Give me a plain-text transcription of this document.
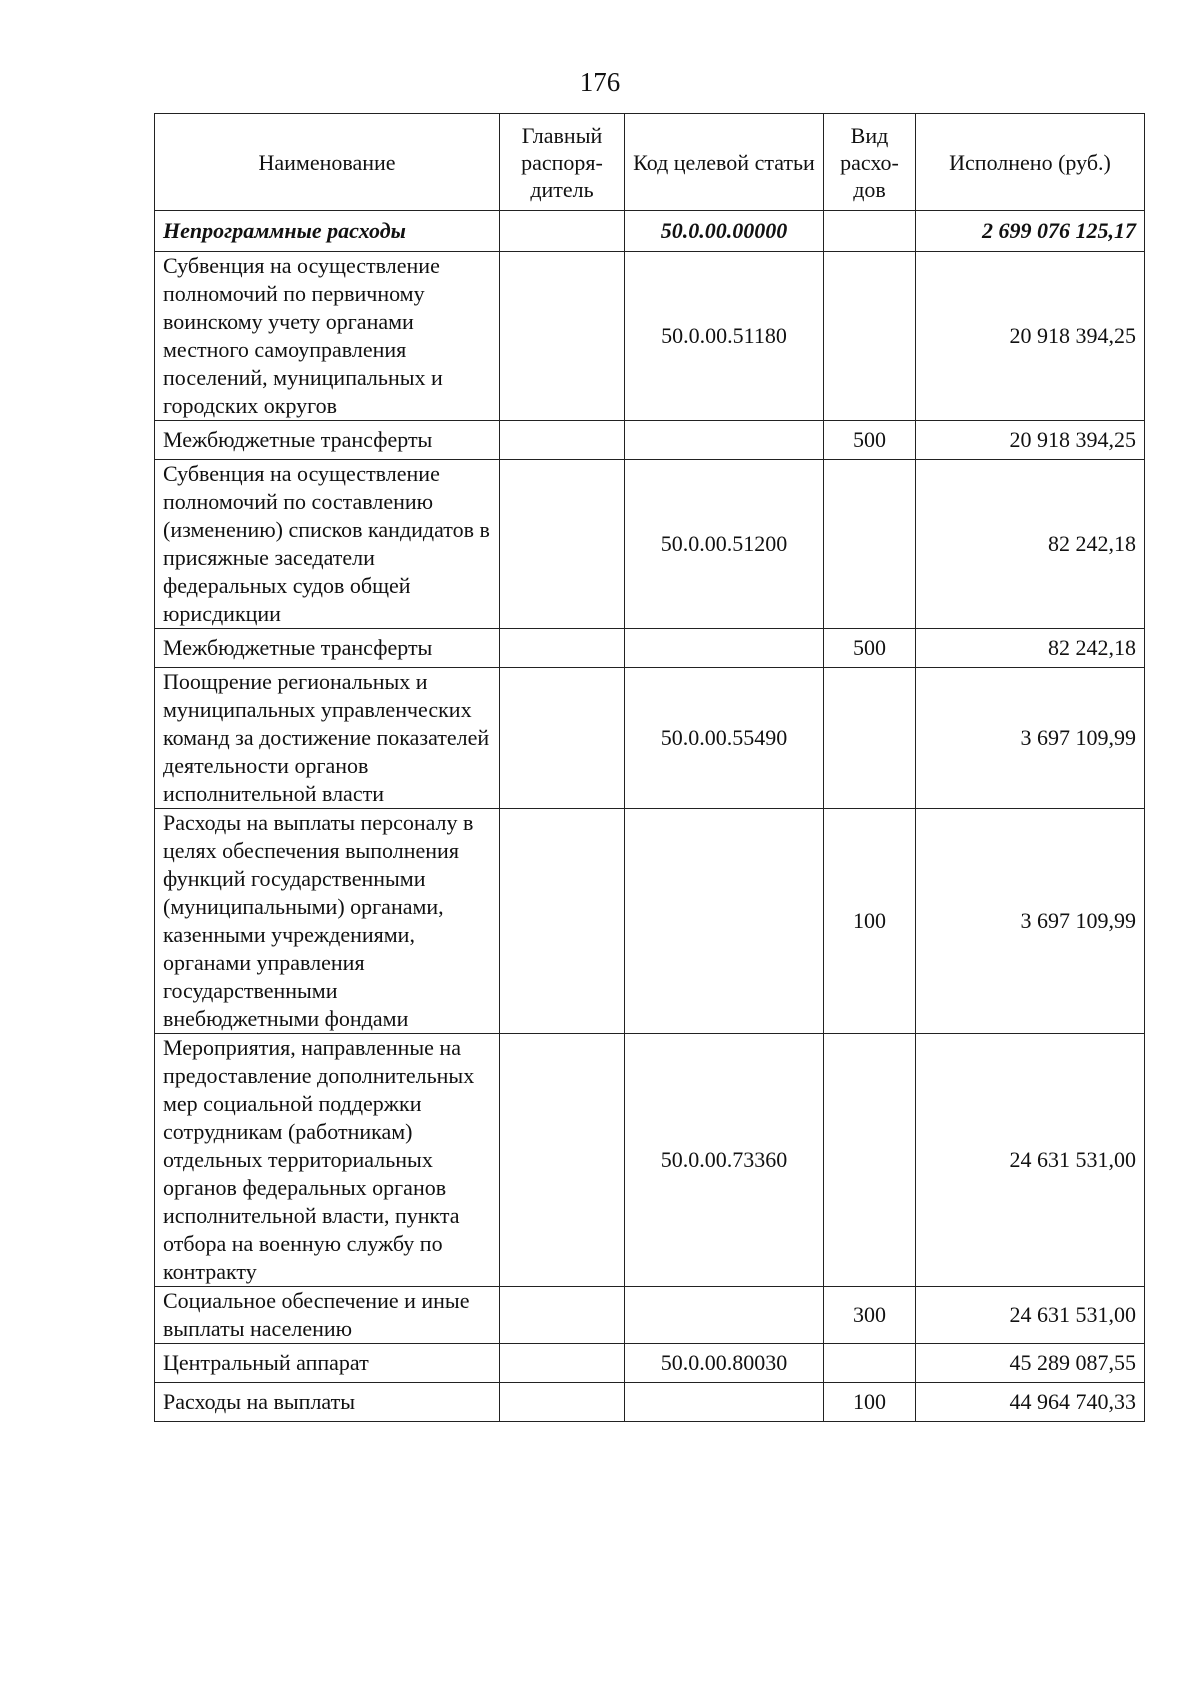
176
Наименование	Главный распоря-дитель	Код целевой статьи	Вид расхо-дов	Исполнено (руб.)
Непрограммные расходы		50.0.00.00000		2 699 076 125,17
Субвенция на осуществление полномочий по первичному воинскому учету органами местного самоуправления поселений, муниципальных и городских округов		50.0.00.51180		20 918 394,25
Межбюджетные трансферты			500	20 918 394,25
Субвенция на осуществление полномочий по составлению (изменению) списков кандидатов в присяжные заседатели федеральных судов общей юрисдикции		50.0.00.51200		82 242,18
Межбюджетные трансферты			500	82 242,18
Поощрение региональных и муниципальных управленческих команд за достижение показателей деятельности органов исполнительной власти		50.0.00.55490		3 697 109,99
Расходы на выплаты персоналу в целях обеспечения выполнения функций государственными (муниципальными) органами, казенными учреждениями, органами управления государственными внебюджетными фондами			100	3 697 109,99
Мероприятия, направленные на предоставление дополнительных мер социальной поддержки сотрудникам (работникам) отдельных территориальных органов федеральных органов исполнительной власти, пункта отбора на военную службу по контракту		50.0.00.73360		24 631 531,00
Социальное обеспечение и иные выплаты населению			300	24 631 531,00
Центральный аппарат		50.0.00.80030		45 289 087,55
Расходы на выплаты			100	44 964 740,33
